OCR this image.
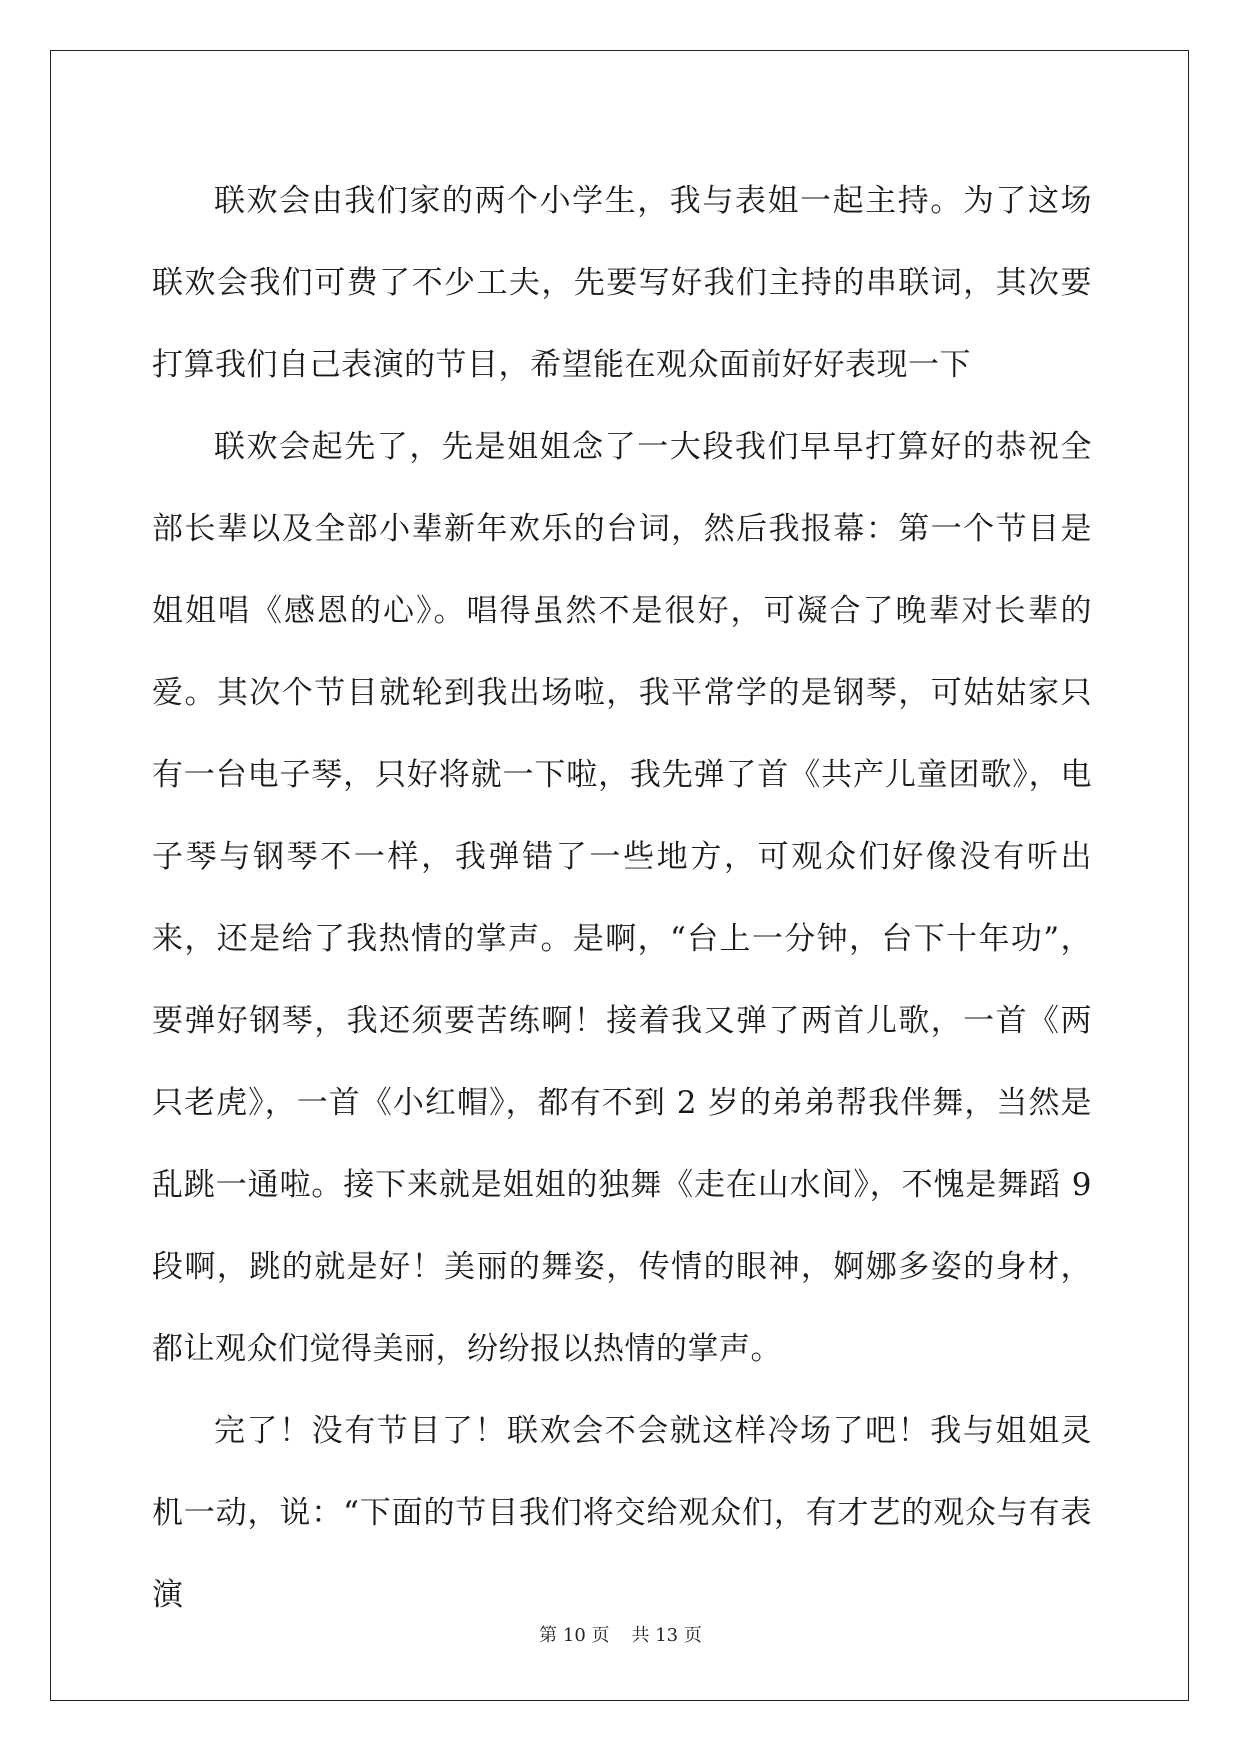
联欢会由我们家的两个小学生，我与表姐一起主持。为了这场联欢会我们可费了不少工夫，先要写好我们主持的串联词，其次要打算我们自己表演的节目，希望能在观众面前好好表现一下

联欢会起先了，先是姐姐念了一大段我们早早打算好的恭祝全部长辈以及全部小辈新年欢乐的台词，然后我报幕：第一个节目是姐姐唱《感恩的心》。唱得虽然不是很好，可凝合了晚辈对长辈的爱。其次个节目就轮到我出场啦，我平常学的是钢琴，可姑姑家只有一台电子琴，只好将就一下啦，我先弹了首《共产儿童团歌》，电子琴与钢琴不一样，我弹错了一些地方，可观众们好像没有听出来，还是给了我热情的掌声。是啊，“台上一分钟，台下十年功”，要弹好钢琴，我还须要苦练啊！接着我又弹了两首儿歌，一首《两只老虎》，一首《小红帽》，都有不到 2 岁的弟弟帮我伴舞，当然是乱跳一通啦。接下来就是姐姐的独舞《走在山水间》，不愧是舞蹈 9 段啊，跳的就是好！美丽的舞姿，传情的眼神，婀娜多姿的身材，都让观众们觉得美丽，纷纷报以热情的掌声。

完了！没有节目了！联欢会不会就这样冷场了吧！我与姐姐灵机一动，说：“下面的节目我们将交给观众们，有才艺的观众与有表演

第 10 页 共 13 页
